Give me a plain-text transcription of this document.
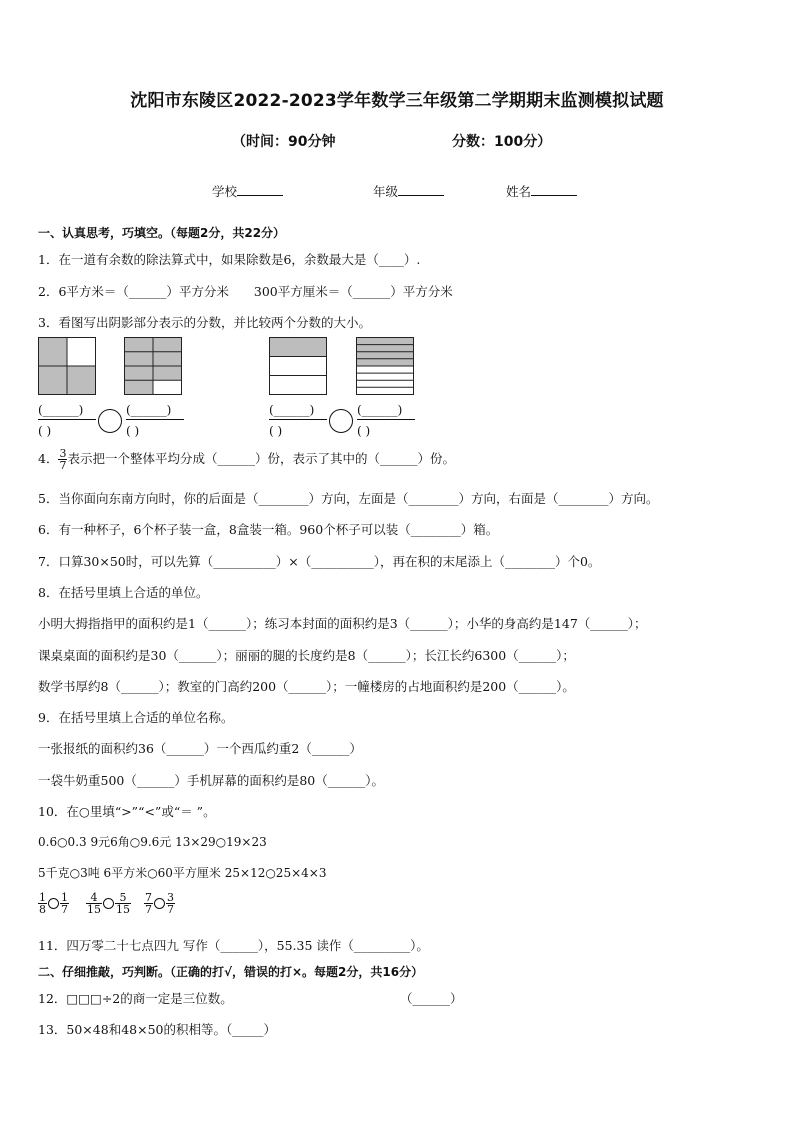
沈阳市东陵区2022-2023学年数学三年级第二学期期末监测模拟试题
（时间：90分钟	分数：100分）
学校	年级	姓名
一、认真思考，巧填空。（每题2分，共22分）
1．在一道有余数的除法算式中，如果除数是6，余数最大是（____）.
2．6平方米＝（______）平方分米　　300平方厘米＝（______）平方分米
3．看图写出阴影部分表示的分数，并比较两个分数的大小。
(______)
( )
(______)
( )
(______)
( )
(______)
( )
4． $\frac{3}{7}$ 表示把一个整体平均分成（______）份，表示了其中的（______）份。
5．当你面向东南方向时，你的后面是（________）方向，左面是（________）方向，右面是（________）方向。
6．有一种杯子，6个杯子装一盒，8盒装一箱。960个杯子可以装（________）箱。
7．口算30×50时，可以先算（__________）×（__________），再在积的末尾添上（________）个0。
8．在括号里填上合适的单位。
小明大拇指指甲的面积约是1（______）；练习本封面的面积约是3（______）；小华的身高约是147（______）；
课桌桌面的面积约是30（______）；丽丽的腿的长度约是8（______）；长江长约6300（______）；
数学书厚约8（______）；教室的门高约200（______）；一幢楼房的占地面积约是200（______）。
9．在括号里填上合适的单位名称。
一张报纸的面积约36（______）一个西瓜约重2（______）
一袋牛奶重500（______）手机屏幕的面积约是80（______）。
10．在○里填“>”“<”或“＝ ”。
0.6○0.3 9元6角○9.6元 13×29○19×23
5千克○3吨 6平方米○60平方厘米 25×12○25×4×3
$\frac{1}{8} \frac{1}{7} \frac{4}{15} \frac{5}{15} \frac{7}{7} \frac{3}{7}$
11．四万零二十七点四九 写作（______），55.35 读作（_________）。
二、仔细推敲，巧判断。（正确的打√，错误的打×。每题2分，共16分）
12．□□□÷2的商一定是三位数。	（______）
13．50×48和48×50的积相等。（_____）
